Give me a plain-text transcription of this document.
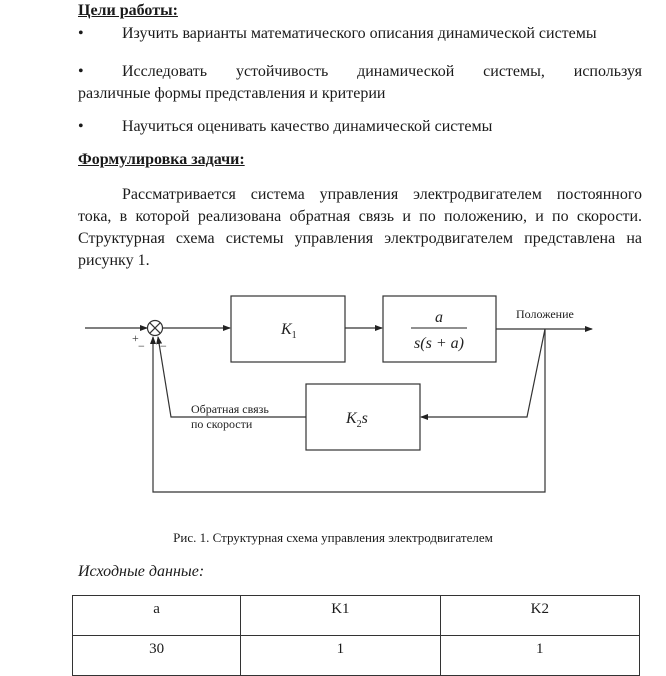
Цели работы:
• Изучить варианты математического описания динамической системы
• Исследовать устойчивость динамической системы, используя
различные формы представления и критерии
• Научиться оценивать качество динамической системы
Формулировка задачи:
Рассматривается система управления электродвигателем постоянного
тока, в которой реализована обратная связь и по положению, и по скорости.
Структурная схема системы управления электродвигателем представлена на
рисунку 1.
+
− −
$K_1$
a
s(s + a)
Положение
$K_2s$
Обратная связь
по скорости
Рис. 1. Структурная схема управления электродвигателем
Исходные данные:
a	K1	K2
30	1	1
